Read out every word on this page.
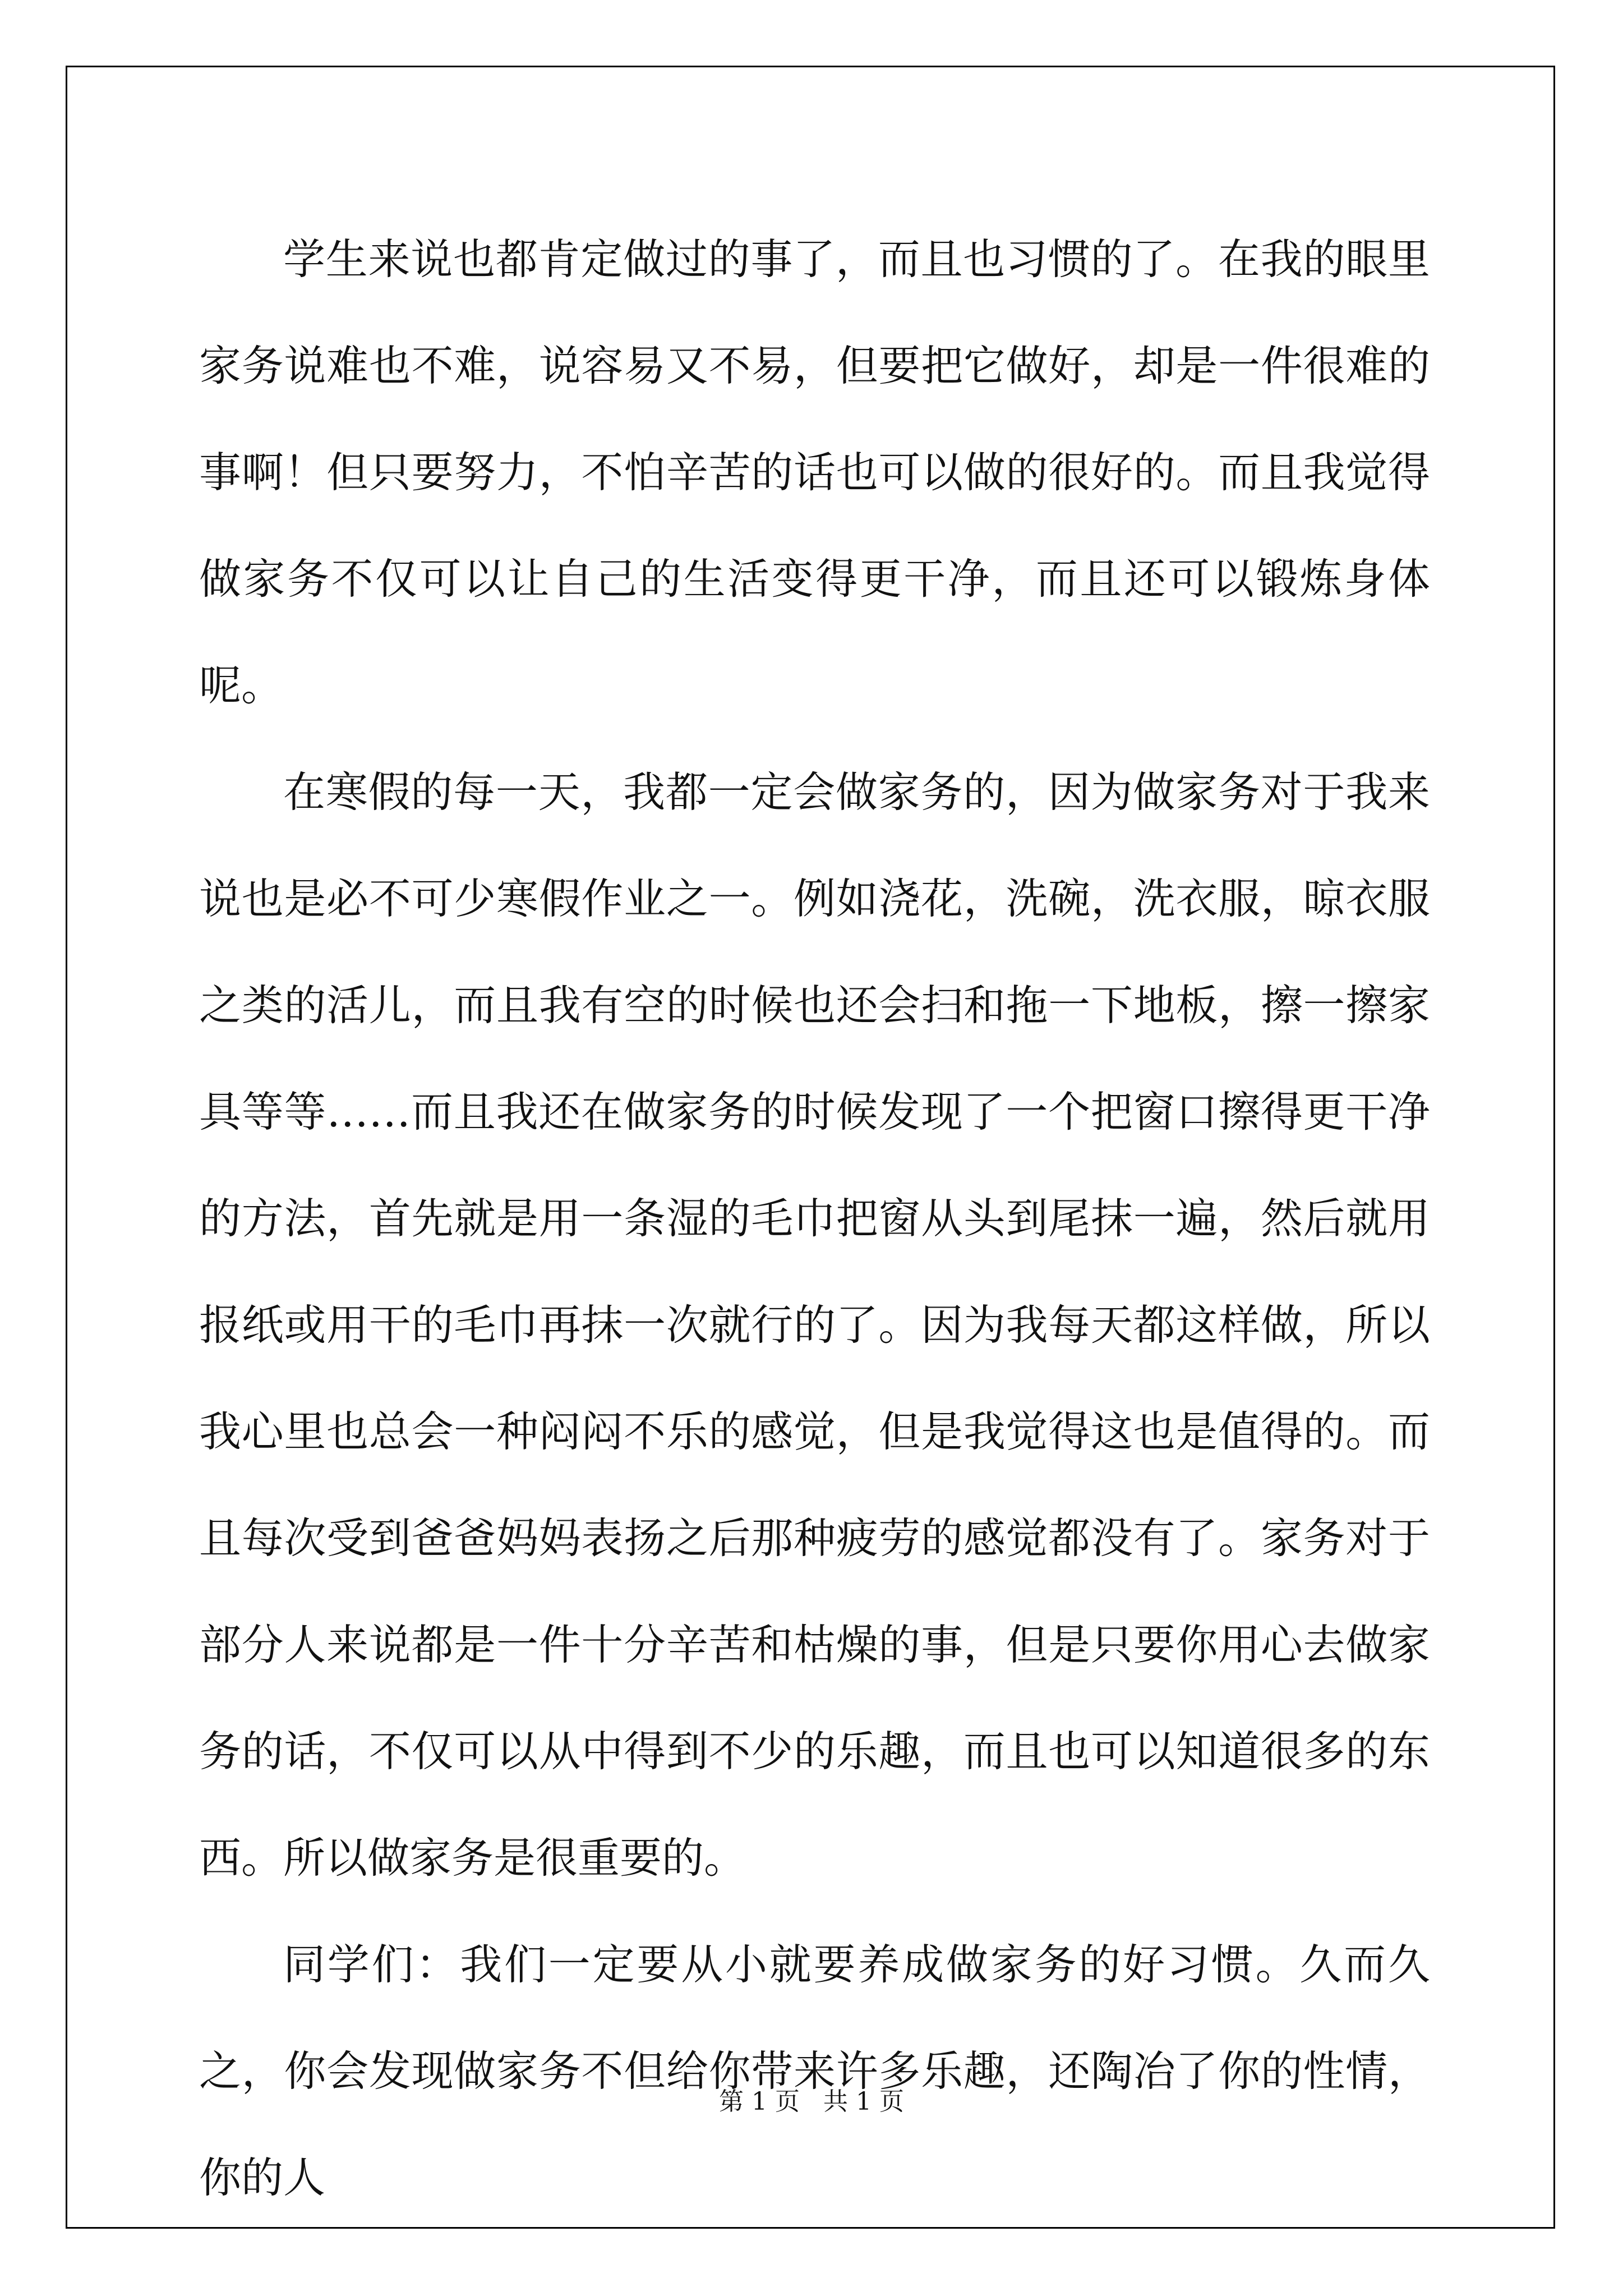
学生来说也都肯定做过的事了，而且也习惯的了。在我的眼里家务说难也不难，说容易又不易，但要把它做好，却是一件很难的事啊！但只要努力，不怕辛苦的话也可以做的很好的。而且我觉得做家务不仅可以让自己的生活变得更干净，而且还可以锻炼身体呢。

在寒假的每一天，我都一定会做家务的，因为做家务对于我来说也是必不可少寒假作业之一。例如浇花，洗碗，洗衣服，晾衣服之类的活儿，而且我有空的时候也还会扫和拖一下地板，擦一擦家具等等……而且我还在做家务的时候发现了一个把窗口擦得更干净的方法，首先就是用一条湿的毛巾把窗从头到尾抹一遍，然后就用报纸或用干的毛巾再抹一次就行的了。因为我每天都这样做，所以我心里也总会一种闷闷不乐的感觉，但是我觉得这也是值得的。而且每次受到爸爸妈妈表扬之后那种疲劳的感觉都没有了。家务对于部分人来说都是一件十分辛苦和枯燥的事，但是只要你用心去做家务的话，不仅可以从中得到不少的乐趣，而且也可以知道很多的东西。所以做家务是很重要的。

同学们：我们一定要从小就要养成做家务的好习惯。久而久之，你会发现做家务不但给你带来许多乐趣，还陶冶了你的性情，你的人

第 1 页   共 1 页
